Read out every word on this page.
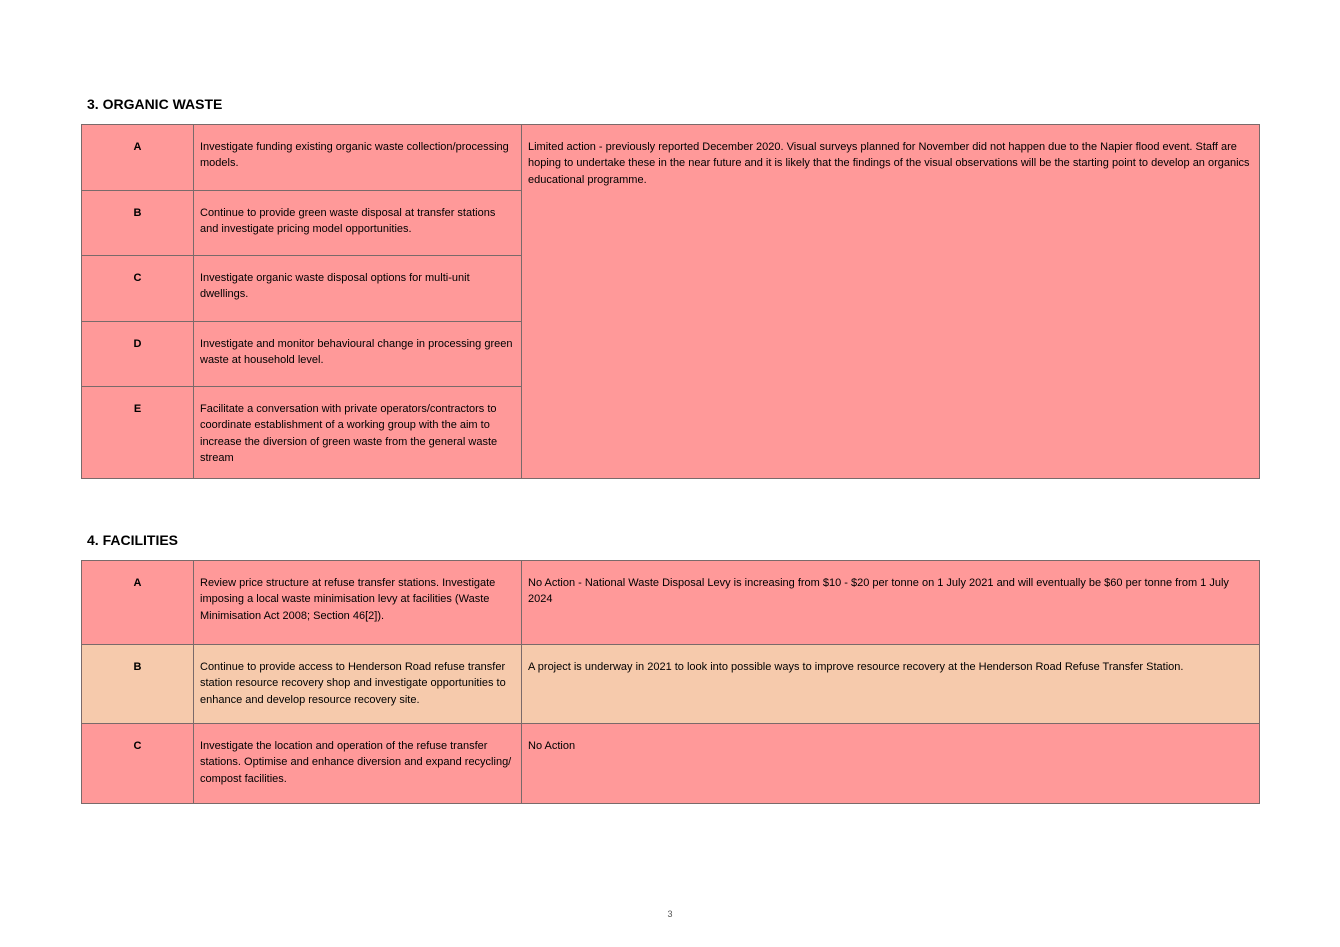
3. ORGANIC WASTE
A	Investigate funding existing organic waste collection/processing models.	Limited action - previously reported December 2020. Visual surveys planned for November did not happen due to the Napier flood event. Staff are hoping to undertake these in the near future and it is likely that the findings of the visual observations will be the starting point to develop an organics educational programme.
B	Continue to provide green waste disposal at transfer stations and investigate pricing model opportunities.	
C	Investigate organic waste disposal options for multi-unit dwellings.	
D	Investigate and monitor behavioural change in processing green waste at household level.	
E	Facilitate a conversation with private operators/contractors to coordinate establishment of a working group with the aim to increase the diversion of green waste from the general waste stream	
4. FACILITIES
A	Review price structure at refuse transfer stations. Investigate imposing a local waste minimisation levy at facilities (Waste Minimisation Act 2008; Section 46[2]).	No Action - National Waste Disposal Levy is increasing from $10 - $20 per tonne on 1 July 2021 and will eventually be $60 per tonne from 1 July 2024
B	Continue to provide access to Henderson Road refuse transfer station resource recovery shop and investigate opportunities to enhance and develop resource recovery site.	A project is underway in 2021 to look into possible ways to improve resource recovery at the Henderson Road Refuse Transfer Station.
C	Investigate the location and operation of the refuse transfer stations. Optimise and enhance diversion and expand recycling/ compost facilities.	No Action
3
